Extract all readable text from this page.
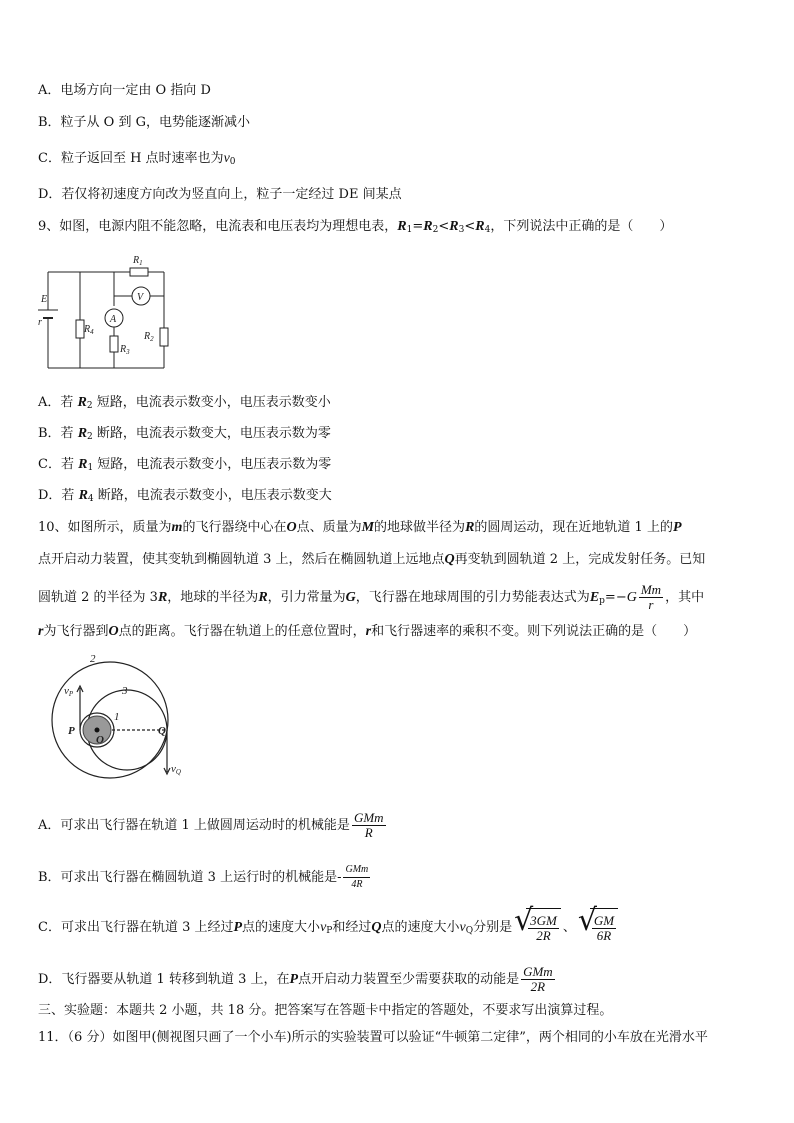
A．电场方向一定由 O 指向 D
B．粒子从 O 到 G，电势能逐渐减小
C．粒子返回至 H 点时速率也为$v_0$
D．若仅将初速度方向改为竖直向上，粒子一定经过 DE 间某点
9、如图，电源内阻不能忽略，电流表和电压表均为理想电表，$R_1=R_2<R_3<R_4$，下列说法中正确的是（　　）
E
r
$R_1$
$R_4$
$R_3$
$R_2$
A
V
A．若 $R_2$ 短路，电流表示数变小，电压表示数变小
B．若 $R_2$ 断路，电流表示数变大，电压表示数为零
C．若 $R_1$ 短路，电流表示数变小，电压表示数为零
D．若 $R_4$ 断路，电流表示数变小，电压表示数变大
10、如图所示，质量为m的飞行器绕中心在O点、质量为M的地球做半径为R的圆周运动，现在近地轨道 1 上的P
点开启动力装置，使其变轨到椭圆轨道 3 上，然后在椭圆轨道上远地点Q再变轨到圆轨道 2 上，完成发射任务。已知
圆轨道 2 的半径为 3R，地球的半径为R，引力常量为G，飞行器在地球周围的引力势能表达式为$E_p=-G \frac{Mm}{r}$ ，其中
r为飞行器到O点的距离。飞行器在轨道上的任意位置时，r和飞行器速率的乘积不变。则下列说法正确的是（　　）
2
3
1
P
O
Q
vP
vQ
A．可求出飞行器在轨道 1 上做圆周运动时的机械能是 $\frac{\text{GMm}}{R}$
B．可求出飞行器在椭圆轨道 3 上运行时的机械能是- $\frac{\text{GMm}}{4R}$
C．可求出飞行器在轨道 3 上经过P点的速度大小$v_P$和经过Q点的速度大小$v_Q$分别是 √
$\frac{3GM}{2R}$ 、 √
$\frac{GM}{6R}$
D．飞行器要从轨道 1 转移到轨道 3 上，在P点开启动力装置至少需要获取的动能是 $\frac{\text{GMm}}{2R}$
三、实验题：本题共 2 小题，共 18 分。把答案写在答题卡中指定的答题处，不要求写出演算过程。
11．（6 分）如图甲(侧视图只画了一个小车)所示的实验装置可以验证“牛顿第二定律”，两个相同的小车放在光滑水平
